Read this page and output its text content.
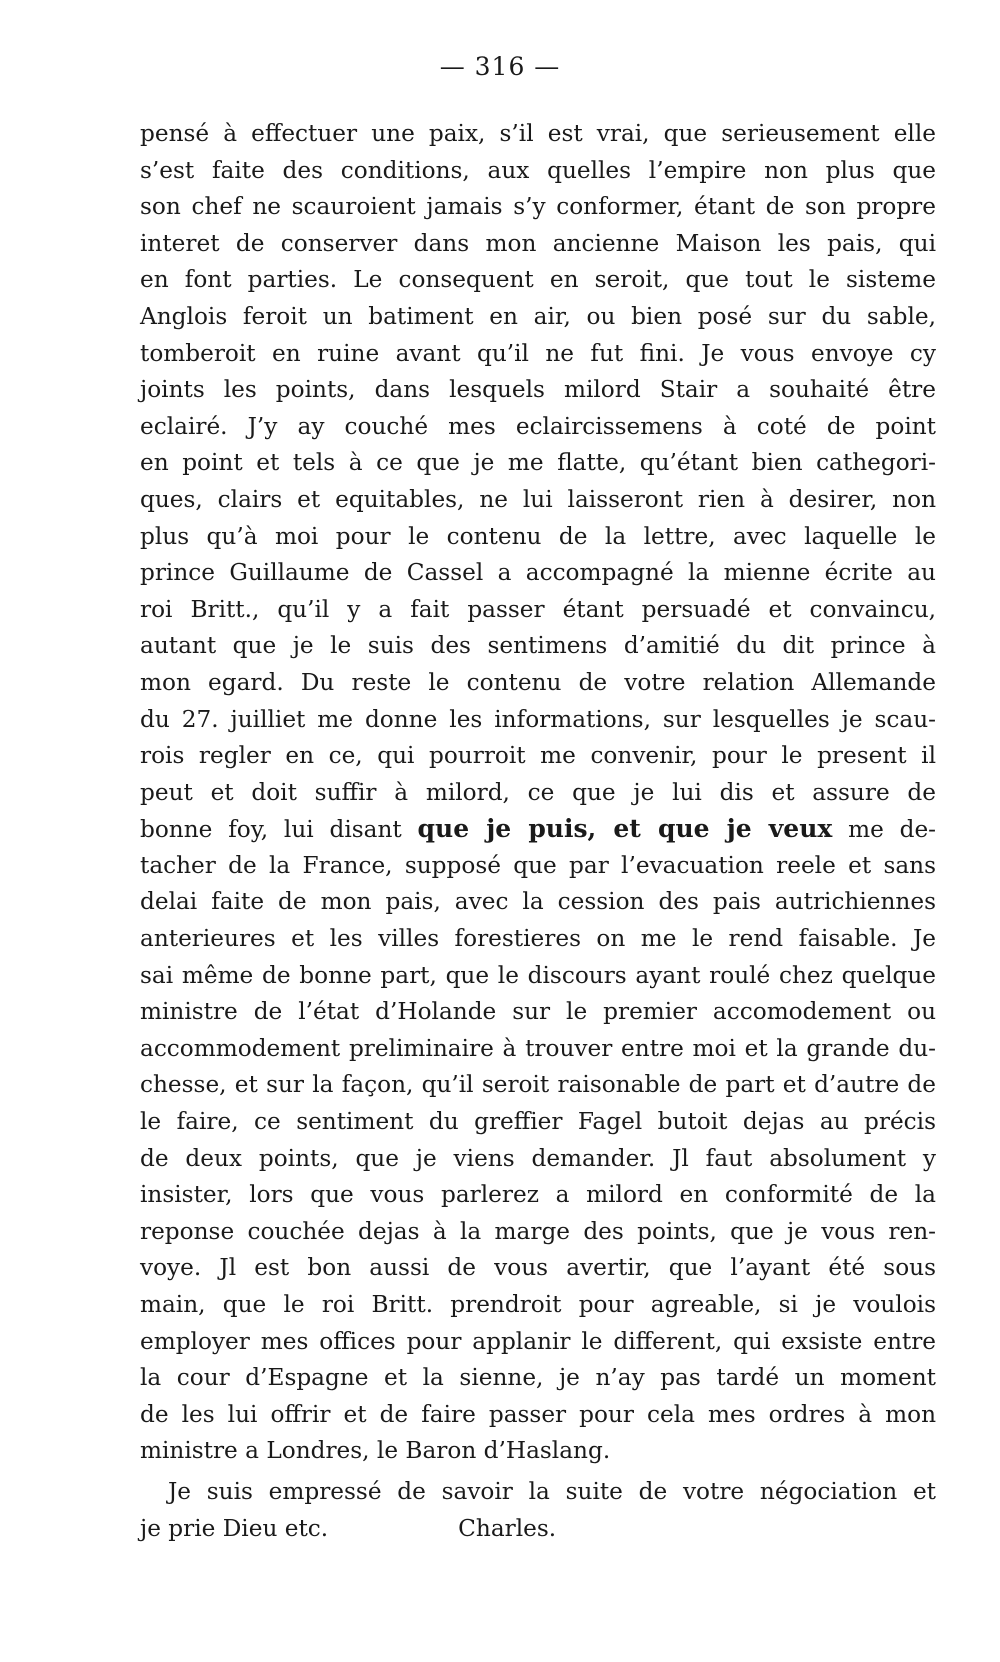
— 316 —
pensé à effectuer une paix, s’il est vrai, que serieusement elle
s’est faite des conditions, aux quelles l’empire non plus que
son chef ne scauroient jamais s’y conformer, étant de son propre
interet de conserver dans mon ancienne Maison les pais, qui
en font parties. Le consequent en seroit, que tout le sisteme
Anglois feroit un batiment en air, ou bien posé sur du sable,
tomberoit en ruine avant qu’il ne fut fini. Je vous envoye cy
joints les points, dans lesquels milord Stair a souhaité être
eclairé. J’y ay couché mes eclaircissemens à coté de point
en point et tels à ce que je me flatte, qu’étant bien cathegori-
ques, clairs et equitables, ne lui laisseront rien à desirer, non
plus qu’à moi pour le contenu de la lettre, avec laquelle le
prince Guillaume de Cassel a accompagné la mienne écrite au
roi Britt., qu’il y a fait passer étant persuadé et convaincu,
autant que je le suis des sentimens d’amitié du dit prince à
mon egard. Du reste le contenu de votre relation Allemande
du 27. juilliet me donne les informations, sur lesquelles je scau-
rois regler en ce, qui pourroit me convenir, pour le present il
peut et doit suffir à milord, ce que je lui dis et assure de
bonne foy, lui disant que je puis, et que je veux me de-
tacher de la France, supposé que par l’evacuation reele et sans
delai faite de mon pais, avec la cession des pais autrichiennes
anterieures et les villes forestieres on me le rend faisable. Je
sai même de bonne part, que le discours ayant roulé chez quelque
ministre de l’état d’Holande sur le premier accomodement ou
accommodement preliminaire à trouver entre moi et la grande du-
chesse, et sur la façon, qu’il seroit raisonable de part et d’autre de
le faire, ce sentiment du greffier Fagel butoit dejas au précis
de deux points, que je viens demander. Jl faut absolument y
insister, lors que vous parlerez a milord en conformité de la
reponse couchée dejas à la marge des points, que je vous ren-
voye. Jl est bon aussi de vous avertir, que l’ayant été sous
main, que le roi Britt. prendroit pour agreable, si je voulois
employer mes offices pour applanir le different, qui exsiste entre
la cour d’Espagne et la sienne, je n’ay pas tardé un moment
de les lui offrir et de faire passer pour cela mes ordres à mon
ministre a Londres, le Baron d’Haslang.
Je suis empressé de savoir la suite de votre négociation et
je prie Dieu etc.	Charles.
